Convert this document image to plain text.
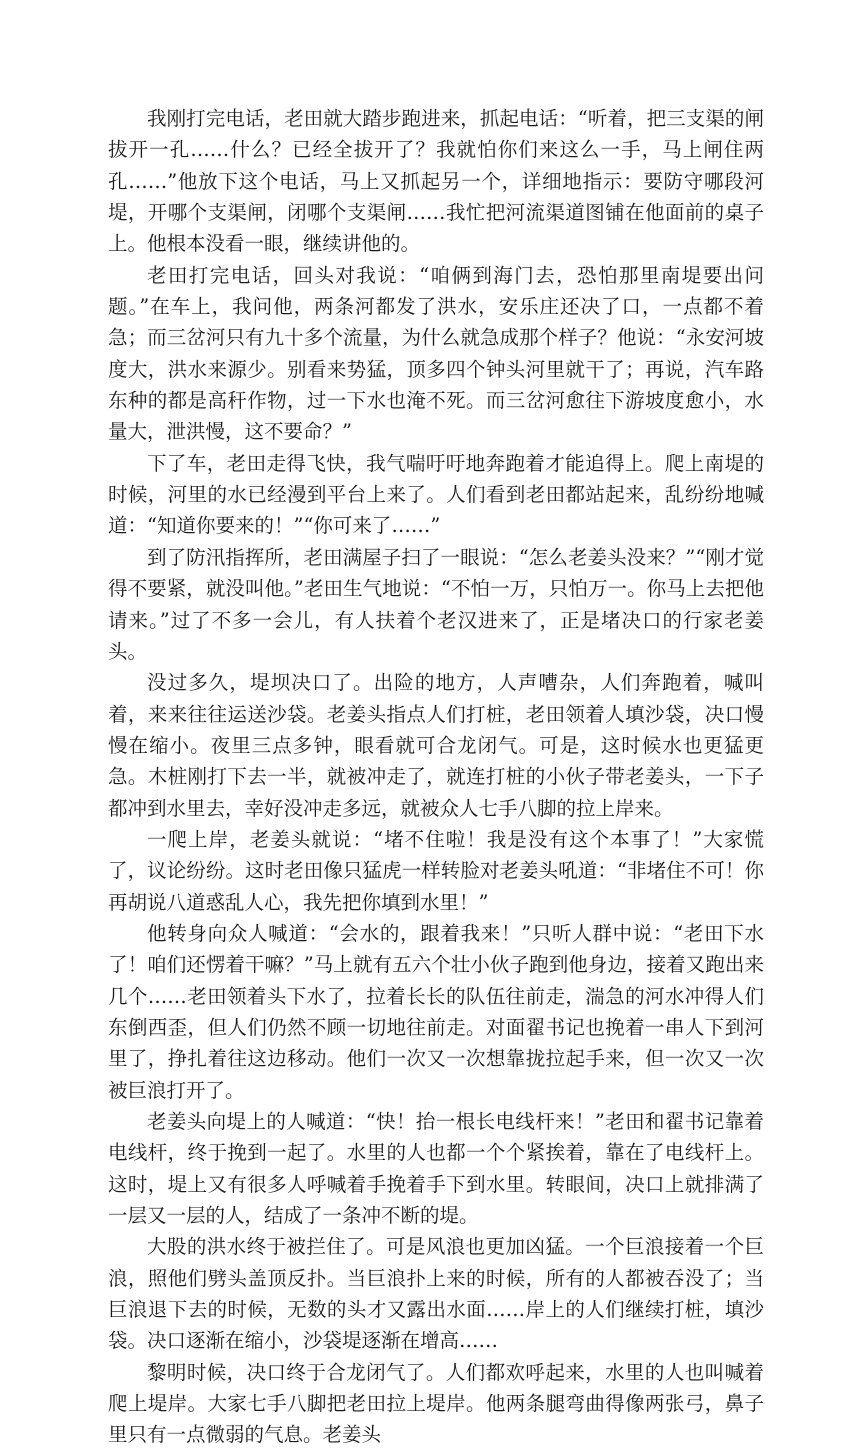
我刚打完电话，老田就大踏步跑进来，抓起电话：“听着，把三支渠的闸拔开一孔……什么？已经全拔开了？我就怕你们来这么一手，马上闸住两孔……”他放下这个电话，马上又抓起另一个，详细地指示：要防守哪段河堤，开哪个支渠闸，闭哪个支渠闸……我忙把河流渠道图铺在他面前的桌子上。他根本没看一眼，继续讲他的。

老田打完电话，回头对我说：“咱俩到海门去，恐怕那里南堤要出问题。”在车上，我问他，两条河都发了洪水，安乐庄还决了口，一点都不着急；而三岔河只有九十多个流量，为什么就急成那个样子？他说：“永安河坡度大，洪水来源少。别看来势猛，顶多四个钟头河里就干了；再说，汽车路东种的都是高秆作物，过一下水也淹不死。而三岔河愈往下游坡度愈小，水量大，泄洪慢，这不要命？”

下了车，老田走得飞快，我气喘吁吁地奔跑着才能追得上。爬上南堤的时候，河里的水已经漫到平台上来了。人们看到老田都站起来，乱纷纷地喊道：“知道你要来的！”“你可来了……”

到了防汛指挥所，老田满屋子扫了一眼说：“怎么老姜头没来？”“刚才觉得不要紧，就没叫他。”老田生气地说：“不怕一万，只怕万一。你马上去把他请来。”过了不多一会儿，有人扶着个老汉进来了，正是堵决口的行家老姜头。

没过多久，堤坝决口了。出险的地方，人声嘈杂，人们奔跑着，喊叫着，来来往往运送沙袋。老姜头指点人们打桩，老田领着人填沙袋，决口慢慢在缩小。夜里三点多钟，眼看就可合龙闭气。可是，这时候水也更猛更急。木桩刚打下去一半，就被冲走了，就连打桩的小伙子带老姜头，一下子都冲到水里去，幸好没冲走多远，就被众人七手八脚的拉上岸来。

一爬上岸，老姜头就说：“堵不住啦！我是没有这个本事了！”大家慌了，议论纷纷。这时老田像只猛虎一样转脸对老姜头吼道：“非堵住不可！你再胡说八道惑乱人心，我先把你填到水里！”

他转身向众人喊道：“会水的，跟着我来！”只听人群中说：“老田下水了！咱们还愣着干嘛？”马上就有五六个壮小伙子跑到他身边，接着又跑出来几个……老田领着头下水了，拉着长长的队伍往前走，湍急的河水冲得人们东倒西歪，但人们仍然不顾一切地往前走。对面翟书记也挽着一串人下到河里了，挣扎着往这边移动。他们一次又一次想靠拢拉起手来，但一次又一次被巨浪打开了。

老姜头向堤上的人喊道：“快！抬一根长电线杆来！”老田和翟书记靠着电线杆，终于挽到一起了。水里的人也都一个个紧挨着，靠在了电线杆上。这时，堤上又有很多人呼喊着手挽着手下到水里。转眼间，决口上就排满了一层又一层的人，结成了一条冲不断的堤。

大股的洪水终于被拦住了。可是风浪也更加凶猛。一个巨浪接着一个巨浪，照他们劈头盖顶反扑。当巨浪扑上来的时候，所有的人都被吞没了；当巨浪退下去的时候，无数的头才又露出水面……岸上的人们继续打桩，填沙袋。决口逐渐在缩小，沙袋堤逐渐在增高……

黎明时候，决口终于合龙闭气了。人们都欢呼起来，水里的人也叫喊着爬上堤岸。大家七手八脚把老田拉上堤岸。他两条腿弯曲得像两张弓，鼻子里只有一点微弱的气息。老姜头
